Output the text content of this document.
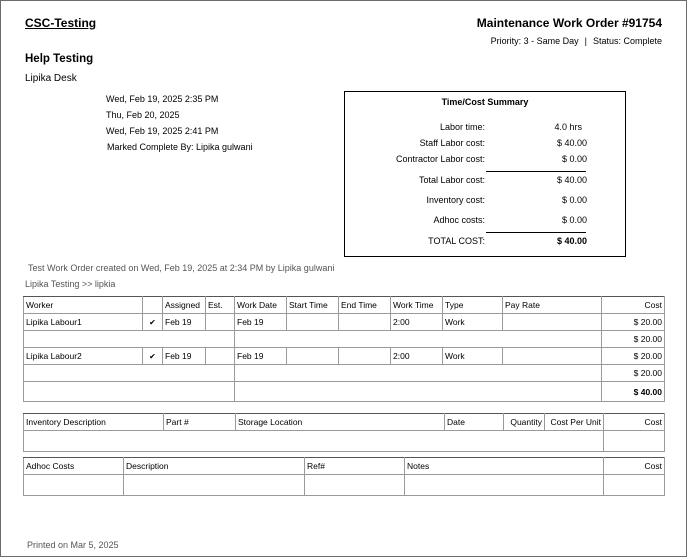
CSC-Testing	Maintenance Work Order #91754
Priority: 3 - Same Day | Status: Complete
Help Testing
Lipika Desk
Wed, Feb 19, 2025 2:35 PM
Thu, Feb 20, 2025
Wed, Feb 19, 2025 2:41 PM
Marked Complete By: Lipika gulwani
Time/Cost Summary
Labor time:	4.0 hrs
Staff Labor cost:	$ 40.00
Contractor Labor cost:	$ 0.00
Total Labor cost:	$ 40.00
Inventory cost:	$ 0.00
Adhoc costs:	$ 0.00
TOTAL COST:	$ 40.00
Test Work Order created on Wed, Feb 19, 2025 at 2:34 PM by Lipika gulwani
Lipika Testing >> lipkia
Worker		Assigned	Est.	Work Date	Start Time	End Time	Work Time	Type	Pay Rate	Cost
Lipika Labour1	✔	Feb 19		Feb 19			2:00	Work		$ 20.00
										$ 20.00
Lipika Labour2	✔	Feb 19		Feb 19			2:00	Work		$ 20.00
										$ 20.00
										$ 40.00
Inventory Description	Part #	Storage Location	Date	Quantity	Cost Per Unit	Cost

Adhoc Costs	Description	Ref#	Notes	Cost

Printed on Mar 5, 2025
